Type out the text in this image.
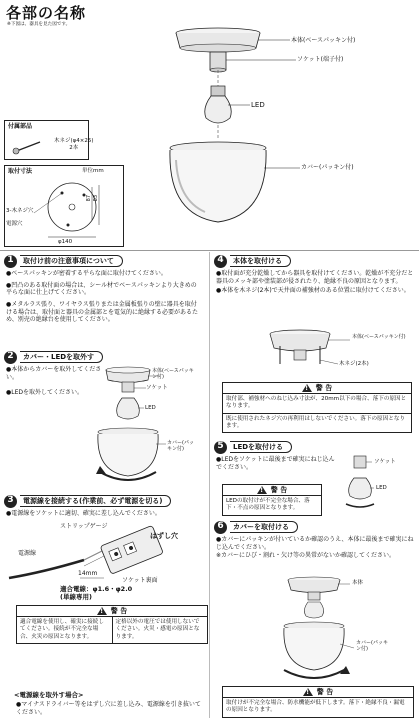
各部の名称
※下図は、器具を見た図です。
本体(ベースパッキン付)
ソケット(端子付)
LED
カバー(パッキン付)
付属部品
木ネジ(φ4×25)
2本
取付寸法	単位mm
87 83
3-木ネジ穴
電源穴
φ140
1	取付け前の注意事項について

●ベースパッキンが密着する平らな面に取付けてください。

●凹凸のある取付面の場合は、シール材でベースパッキンより大きめの平らな面に仕上げてください。

●メタルラス張り、ワイヤラス張りまたは金属板張りの壁に器具を取付ける場合は、取付面と器具の金属部とを電気的に絶縁する必要があるため、別売の絶縁台を使用してください。

2	カバー・LEDを取外す

●本体からカバーを取外してください。

●LEDを取外してください。

本体(ベースパッキン付)
ソケット
LED
カバー(パッキン付)
3	電源線を接続する(作業前、必ず電源を切る)
●電源線をソケットに適切、確実に差し込んでください。
ストリップゲージ
電源線
はずし穴
14mm
ソケット裏面
適合電線：φ1.6・φ2.0
(単線専用)
!
警 告
適合電線を使用し、確実に接続してください。接続が不完全な場合、火災の原因となります。
定格以外の電圧では使用しないでください。火災・感電の原因となります。
<電源線を取外す場合>
●マイナスドライバー等をはずし穴に差し込み、電源線を引き抜いてください。
4	本体を取付ける

●取付面が充分乾燥してから器具を取付けてください。乾燥が不充分だと器具のメッキ部や塗装部が侵されたり、絶縁不良の原因となります。

●本体を木ネジ(2本)で天井面の補強材のある位置に取付けてください。

本体(ベースパッキン付)
木ネジ(2本)
!
警 告
取付部、補強材へのねじ込み寸法が、20mm以下の場合、落下の原因となります。
既に使用されたネジ穴の再利用はしないでください。落下の原因となります。
5	LEDを取付ける
●LEDをソケットに最後まで確実にねじ込んでください。
ソケット
LED
!
警 告
LEDの取付けが不完全な場合、落下・不点の原因となります。
6	カバーを取付ける

●カバーにパッキンが付いているか確認のうえ、本体に最後まで確実にねじ込んでください。

※カバーにひび・割れ・欠け等の異常がないか確認してください。

本体
カバー(パッキン付)
!
警 告
取付けが不完全な場合、防水機能が低下します。落下・絶縁不良・漏電の原因となります。
